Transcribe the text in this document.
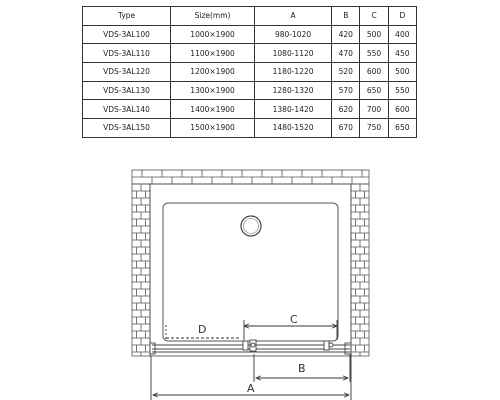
Type	Size(mm)	A	B	C	D
VDS-3AL100	1000×1900	980-1020	420	500	400
VDS-3AL110	1100×1900	1080-1120	470	550	450
VDS-3AL120	1200×1900	1180-1220	520	600	500
VDS-3AL130	1300×1900	1280-1320	570	650	550
VDS-3AL140	1400×1900	1380-1420	620	700	600
VDS-3AL150	1500×1900	1480-1520	670	750	650
D
C
B
A
